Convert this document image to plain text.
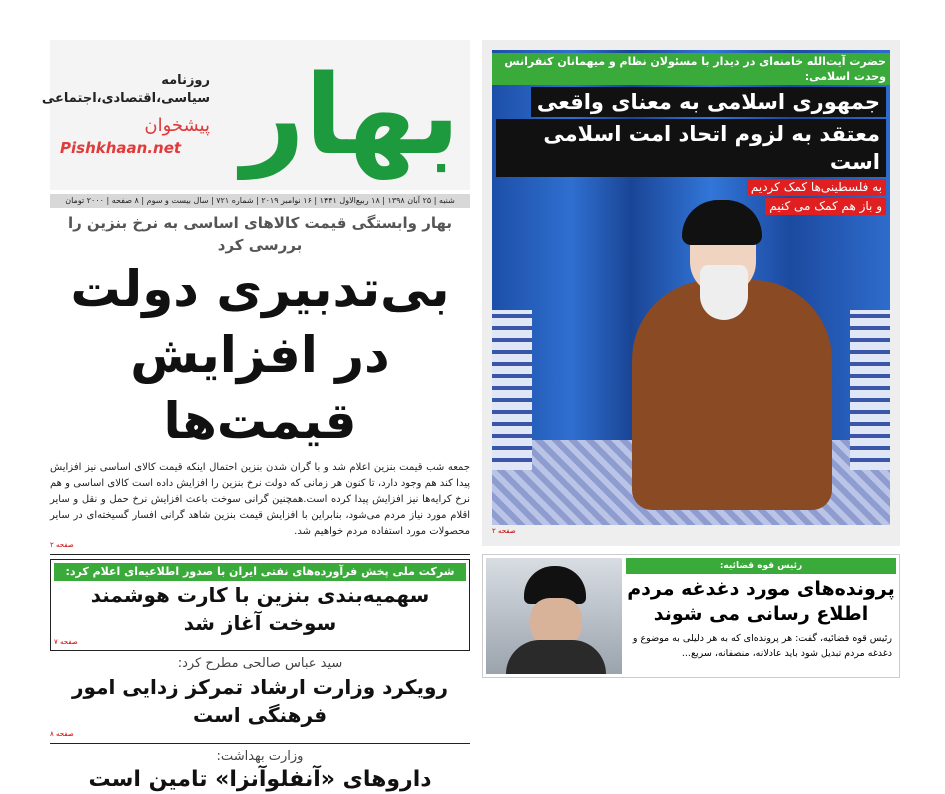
بهار
روزنامه
سیاسی،اقتصادی،اجتماعی
پیشخوان
Pishkhaan.net
شنبه | ۲۵ آبان ۱۳۹۸ | ۱۸ ربیع‌الاول ۱۴۴۱ | ۱۶ نوامبر ۲۰۱۹ | شماره ۷۲۱ | سال بیست و سوم | ۸ صفحه | ۲۰۰۰ تومان
بهار وابستگی قیمت کالاهای اساسی به نرخ بنزین را بررسی کرد
بی‌تدبیری دولت
در افزایش قیمت‌ها
جمعه شب قیمت بنزین اعلام شد و با گران شدن بنزین احتمال اینکه قیمت کالای اساسی نیز افزایش پیدا کند هم وجود دارد، تا کنون هر زمانی که دولت نرخ بنزین را افزایش داده است کالای اساسی و هم نرخ کرایه‌ها نیز افزایش پیدا کرده است.همچنین گرانی سوخت باعث افزایش نرخ حمل و نقل و سایر اقلام مورد نیاز مردم می‌شود، بنابراین با افزایش قیمت بنزین شاهد گرانی افسار گسیخته‌ای در سایر محصولات مورد استفاده مردم خواهیم شد.
صفحه ۲
شرکت ملی پخش فرآورده‌های نفتی ایران با صدور اطلاعیه‌ای اعلام کرد:
سهمیه‌بندی بنزین با کارت هوشمند سوخت آغاز شد
صفحه ۷
سید عباس صالحی مطرح کرد:
رویکرد وزارت ارشاد تمرکز زدایی امور فرهنگی است
صفحه ۸
وزارت بهداشت:
داروهای «آنفلوآنزا» تامین است
حضرت آیت‌الله خامنه‌ای در دیدار با مسئولان نظام و میهمانان کنفرانس وحدت اسلامی:
جمهوری اسلامی به معنای واقعی
معتقد به لزوم اتحاد امت اسلامی است
به فلسطینی‌ها کمک کردیم
و باز هم کمک می کنیم
صفحه ۲
رئیس قوه قضائیه:
پرونده‌های مورد دغدغه مردم
اطلاع رسانی می شوند
رئیس قوه قضائیه، گفت: هر پرونده‌ای که به هر دلیلی به موضوع و دغدغه مردم تبدیل شود باید عادلانه، منصفانه، سریع...
